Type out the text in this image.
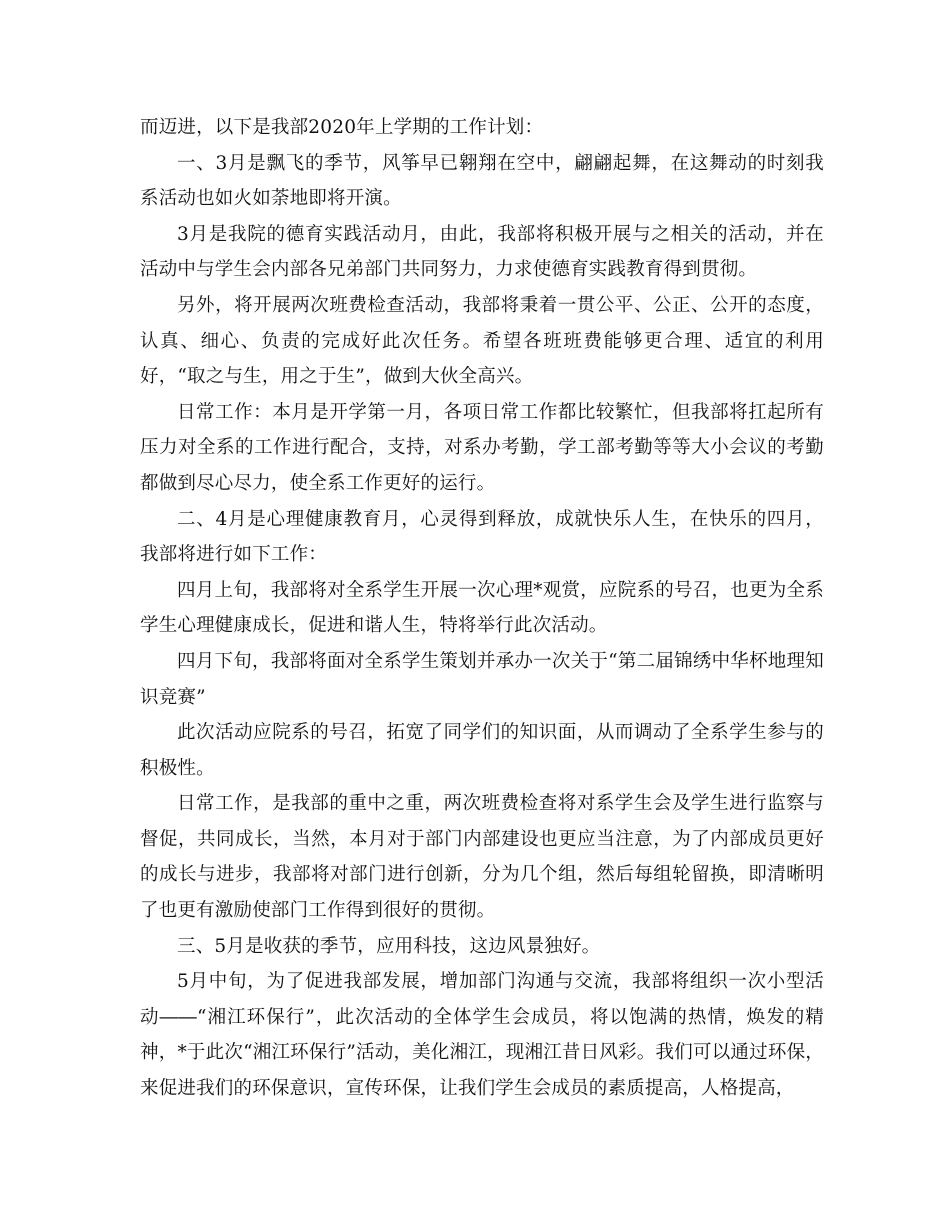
而迈进，以下是我部2020年上学期的工作计划：

一、3月是飘飞的季节，风筝早已翱翔在空中，翩翩起舞，在这舞动的时刻我系活动也如火如荼地即将开演。

3月是我院的德育实践活动月，由此，我部将积极开展与之相关的活动，并在活动中与学生会内部各兄弟部门共同努力，力求使德育实践教育得到贯彻。

另外，将开展两次班费检查活动，我部将秉着一贯公平、公正、公开的态度，认真、细心、负责的完成好此次任务。希望各班班费能够更合理、适宜的利用好，“取之与生，用之于生”，做到大伙全高兴。

日常工作：本月是开学第一月，各项日常工作都比较繁忙，但我部将扛起所有压力对全系的工作进行配合，支持，对系办考勤，学工部考勤等等大小会议的考勤都做到尽心尽力，使全系工作更好的运行。

二、4月是心理健康教育月，心灵得到释放，成就快乐人生，在快乐的四月，我部将进行如下工作：

四月上旬，我部将对全系学生开展一次心理*观赏，应院系的号召，也更为全系学生心理健康成长，促进和谐人生，特将举行此次活动。

四月下旬，我部将面对全系学生策划并承办一次关于“第二届锦绣中华杯地理知识竞赛”

此次活动应院系的号召，拓宽了同学们的知识面，从而调动了全系学生参与的积极性。

日常工作，是我部的重中之重，两次班费检查将对系学生会及学生进行监察与督促，共同成长，当然，本月对于部门内部建设也更应当注意，为了内部成员更好的成长与进步，我部将对部门进行创新，分为几个组，然后每组轮留换，即清晰明了也更有激励使部门工作得到很好的贯彻。

三、5月是收获的季节，应用科技，这边风景独好。

5月中旬，为了促进我部发展，增加部门沟通与交流，我部将组织一次小型活动――“湘江环保行”，此次活动的全体学生会成员，将以饱满的热情，焕发的精神，*于此次“湘江环保行”活动，美化湘江，现湘江昔日风彩。我们可以通过环保，来促进我们的环保意识，宣传环保，让我们学生会成员的素质提高，人格提高，
